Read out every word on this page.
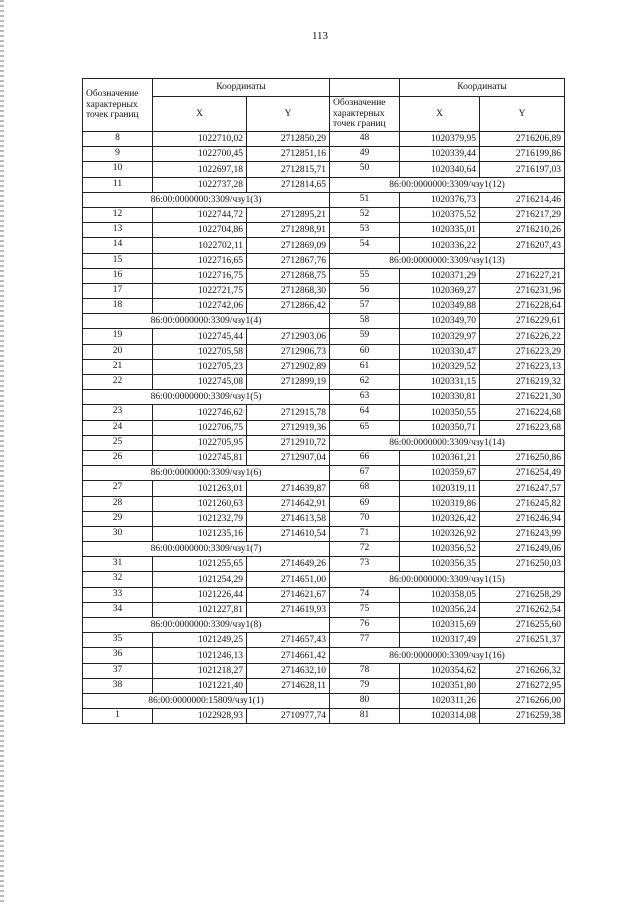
113
Обозначение характерных точек границ	Координаты	
	X	Y
8	1022710,02	2712850,29
9	1022700,45	2712851,16
10	1022697,18	2712815,71
11	1022737,28	2712814,65
86:00:0000000:3309/чзу1(3)		
12	1022744,72	2712895,21
13	1022704,86	2712898,91
14	1022702,11	2712869,09
15	1022716,65	2712867,76
16	1022716,75	2712868,75
17	1022721,75	2712868,30
18	1022742,06	2712866,42
86:00:0000000:3309/чзу1(4)		
19	1022745,44	2712903,06
20	1022705,58	2712906,73
21	1022705,23	2712902,89
22	1022745,08	2712899,19
86:00:0000000:3309/чзу1(5)		
23	1022746,62	2712915,78
24	1022706,75	2712919,36
25	1022705,95	2712910,72
26	1022745,81	2712907,04
86:00:0000000:3309/чзу1(6)		
27	1021263,01	2714639,87
28	1021260,63	2714642,91
29	1021232,79	2714613,58
30	1021235,16	2714610,54
86:00:0000000:3309/чзу1(7)		
31	1021255,65	2714649,26
32	1021254,29	2714651,00
33	1021226,44	2714621,67
34	1021227,81	2714619,93
86:00:0000000:3309/чзу1(8)		
35	1021249,25	2714657,43
36	1021246,13	2714661,42
37	1021218,27	2714632,10
38	1021221,40	2714628,11
86:00:0000000:15809/чзу1(1)		
1	1022928,93	2710977,74
	Координаты	
Обозначение характерных точек границ	X	Y
48	1020379,95	2716206,89
49	1020339,44	2716199,86
50	1020340,64	2716197,03
86:00:0000000:3309/чзу1(12)		
51	1020376,73	2716214,46
52	1020375,52	2716217,29
53	1020335,01	2716210,26
54	1020336,22	2716207,43
86:00:0000000:3309/чзу1(13)		
55	1020371,29	2716227,21
56	1020369,27	2716231,96
57	1020349,88	2716228,64
58	1020349,70	2716229,61
59	1020329,97	2716226,22
60	1020330,47	2716223,29
61	1020329,52	2716223,13
62	1020331,15	2716219,32
63	1020330,81	2716221,30
64	1020350,55	2716224,68
65	1020350,71	2716223,68
86:00:0000000:3309/чзу1(14)		
66	1020361,21	2716250,86
67	1020359,67	2716254,49
68	1020319,11	2716247,57
69	1020319,86	2716245,82
70	1020326,42	2716246,94
71	1020326,92	2716243,99
72	1020356,52	2716249,06
73	1020356,35	2716250,03
86:00:0000000:3309/чзу1(15)		
74	1020358,05	2716258,29
75	1020356,24	2716262,54
76	1020315,69	2716255,60
77	1020317,49	2716251,37
86:00:0000000:3309/чзу1(16)		
78	1020354,62	2716266,32
79	1020351,80	2716272,95
80	1020311,26	2716266,00
81	1020314,08	2716259,38
